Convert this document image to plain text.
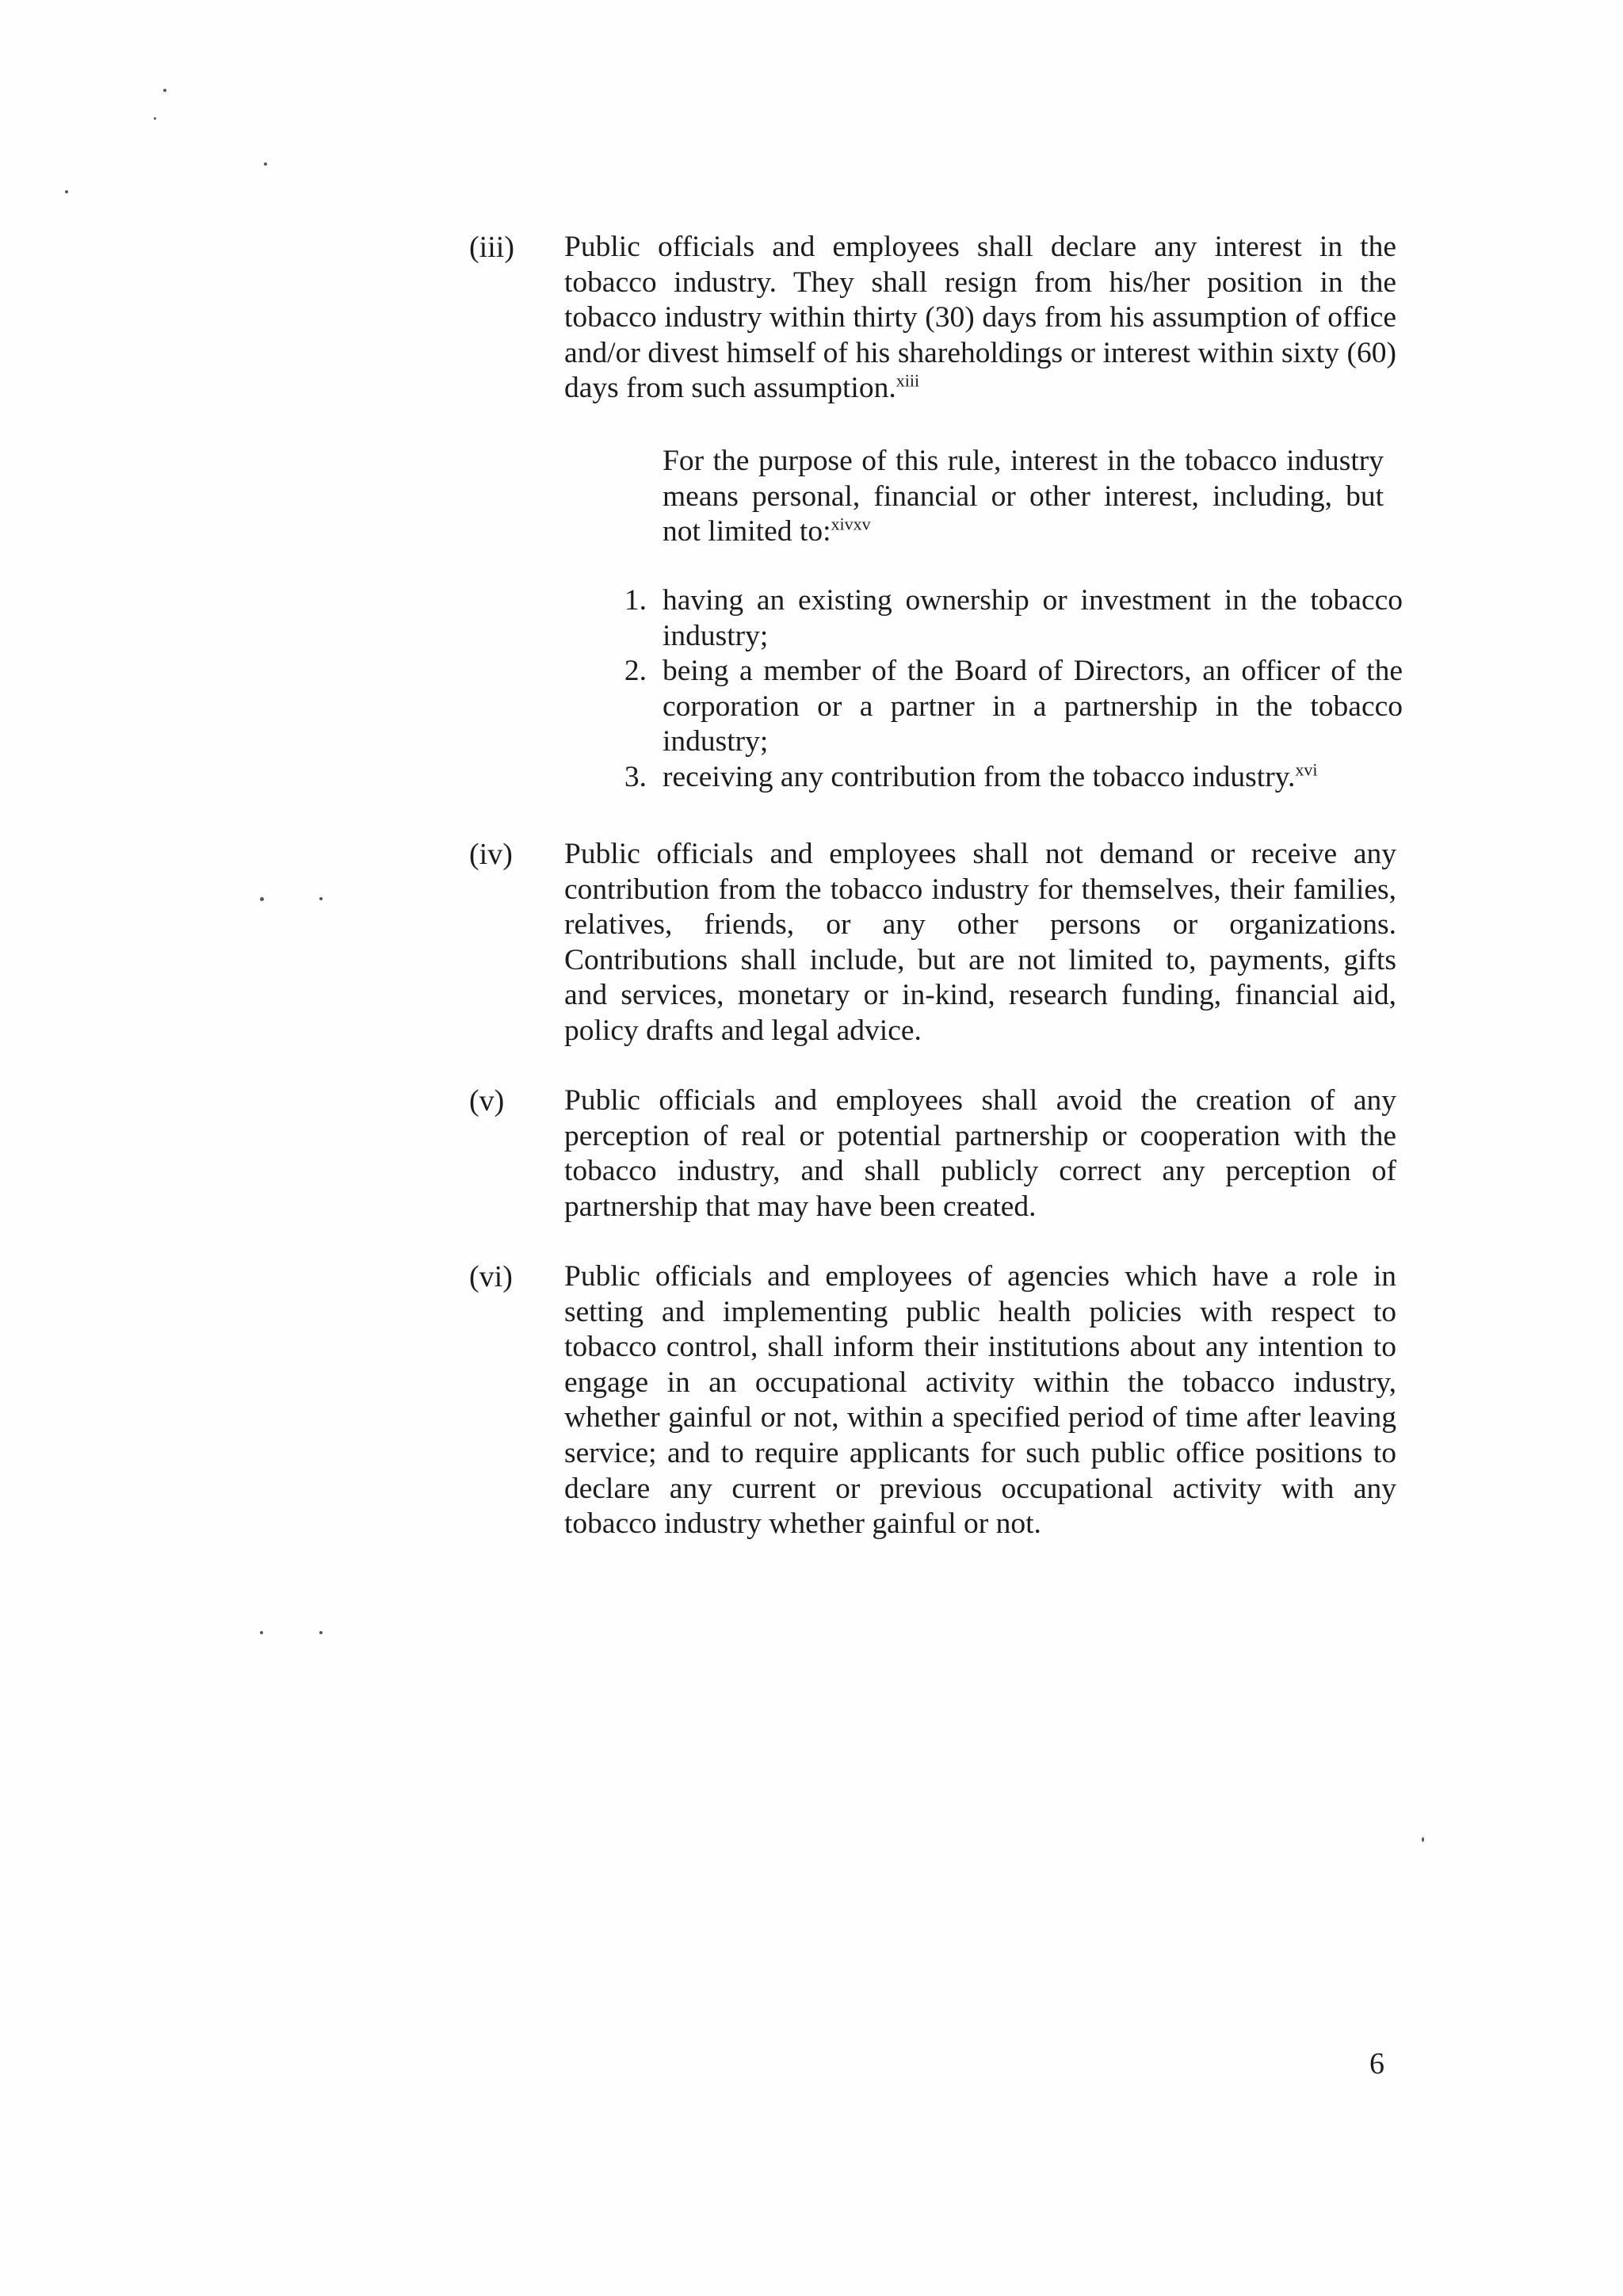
(iii) Public officials and employees shall declare any interest in the tobacco industry. They shall resign from his/her position in the tobacco industry within thirty (30) days from his assumption of office and/or divest himself of his shareholdings or interest within sixty (60) days from such assumption.$^{xiii}$
For the purpose of this rule, interest in the tobacco industry means personal, financial or other interest, including, but not limited to:$^{xivxv}$
1. having an existing ownership or investment in the tobacco industry;
2. being a member of the Board of Directors, an officer of the corporation or a partner in a partnership in the tobacco industry;
3. receiving any contribution from the tobacco industry.$^{xvi}$
(iv) Public officials and employees shall not demand or receive any contribution from the tobacco industry for themselves, their families, relatives, friends, or any other persons or organizations. Contributions shall include, but are not limited to, payments, gifts and services, monetary or in-kind, research funding, financial aid, policy drafts and legal advice.
(v) Public officials and employees shall avoid the creation of any perception of real or potential partnership or cooperation with the tobacco industry, and shall publicly correct any perception of partnership that may have been created.
(vi) Public officials and employees of agencies which have a role in setting and implementing public health policies with respect to tobacco control, shall inform their institutions about any intention to engage in an occupational activity within the tobacco industry, whether gainful or not, within a specified period of time after leaving service; and to require applicants for such public office positions to declare any current or previous occupational activity with any tobacco industry whether gainful or not.
6
